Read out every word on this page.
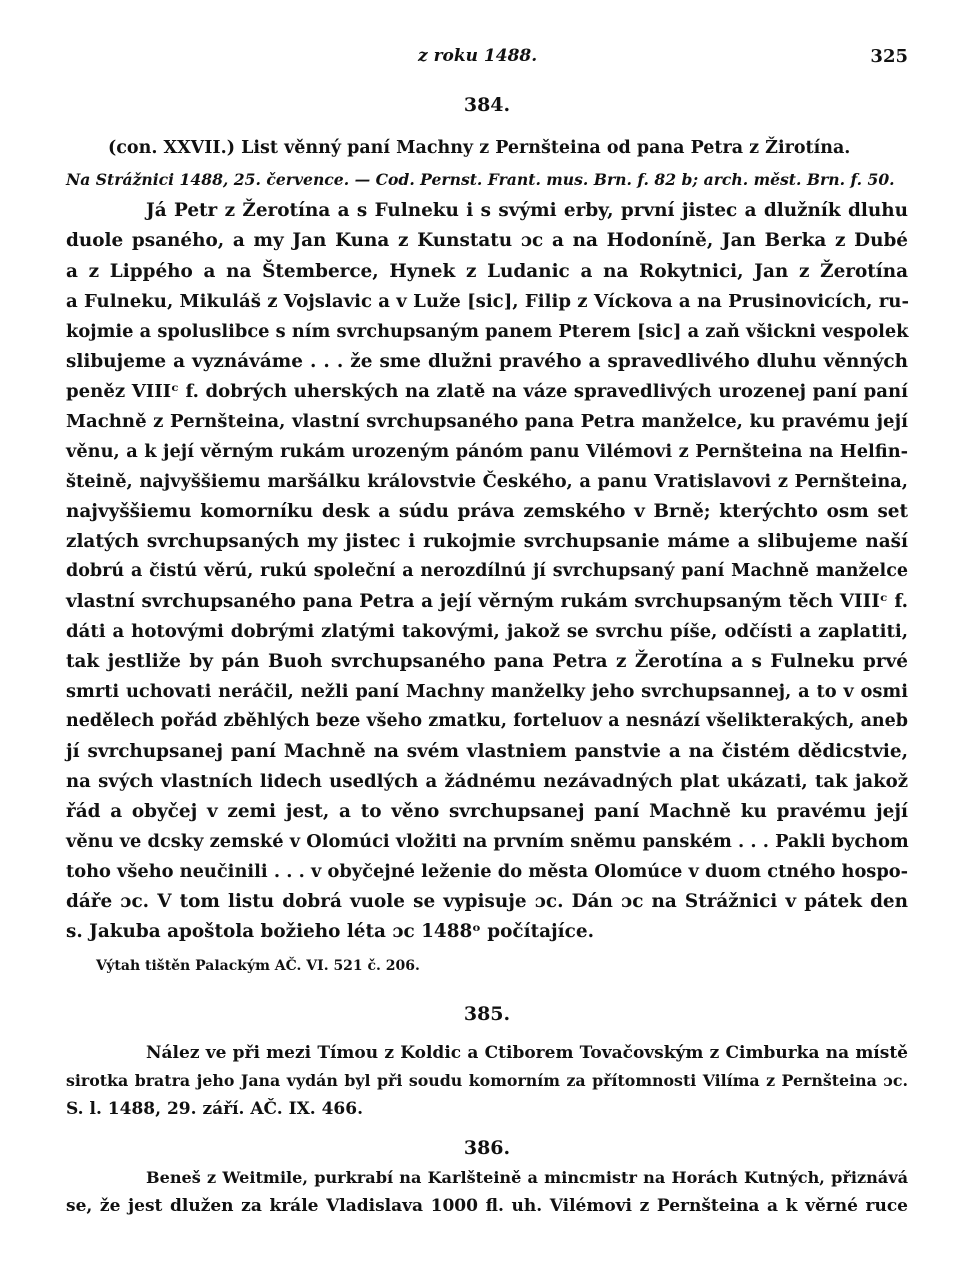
z roku 1488.	325
384.
(con. XXVII.) List věnný paní Machny z Pernšteina od pana Petra z Žirotína.
Na Strážnici 1488, 25. července. — Cod. Pernst. Frant. mus. Brn. f. 82 b; arch. měst. Brn. f. 50.
Já Petr z Žerotína a s Fulneku i s svými erby, první jistec a dlužník dluhu
duole psaného, a my Jan Kuna z Kunstatu ɔc a na Hodoníně, Jan Berka z Dubé
a z Lippého a na Štemberce, Hynek z Ludanic a na Rokytnici, Jan z Žerotína
a Fulneku, Mikuláš z Vojslavic a v Luže [sic], Filip z Víckova a na Prusinovicích, ru-
kojmie a spoluslibce s ním svrchupsaným panem Pterem [sic] a zaň všickni vespolek
slibujeme a vyznáváme . . . že sme dlužni pravého a spravedlivého dluhu věnných
peněz VIIIᶜ f. dobrých uherských na zlatě na váze spravedlivých urozenej paní paní
Machně z Pernšteina, vlastní svrchupsaného pana Petra manželce, ku pravému její
věnu, a k její věrným rukám urozeným pánóm panu Vilémovi z Pernšteina na Helfin-
šteině, najvyššiemu maršálku královstvie Českého, a panu Vratislavovi z Pernšteina,
najvyššiemu komorníku desk a súdu práva zemského v Brně; kterýchto osm set
zlatých svrchupsaných my jistec i rukojmie svrchupsanie máme a slibujeme naší
dobrú a čistú věrú, rukú společní a nerozdílnú jí svrchupsaný paní Machně manželce
vlastní svrchupsaného pana Petra a její věrným rukám svrchupsaným těch VIIIᶜ f.
dáti a hotovými dobrými zlatými takovými, jakož se svrchu píše, odčísti a zaplatiti,
tak jestliže by pán Buoh svrchupsaného pana Petra z Žerotína a s Fulneku prvé
smrti uchovati neráčil, nežli paní Machny manželky jeho svrchupsannej, a to v osmi
nedělech pořád zběhlých beze všeho zmatku, forteluov a nesnází všelikterakých, aneb
jí svrchupsanej paní Machně na svém vlastniem panstvie a na čistém dědicstvie,
na svých vlastních lidech usedlých a žádnému nezávadných plat ukázati, tak jakož
řád a obyčej v zemi jest, a to věno svrchupsanej paní Machně ku pravému její
věnu ve dcsky zemské v Olomúci vložiti na prvním sněmu panském . . . Pakli bychom
toho všeho neučinili . . . v obyčejné leženie do města Olomúce v duom ctného hospo-
dáře ɔc. V tom listu dobrá vuole se vypisuje ɔc. Dán ɔc na Strážnici v pátek den
s. Jakuba apoštola božieho léta ɔc 1488ᵒ počítajíce.
Výtah tištěn Palackým AČ. VI. 521 č. 206.
385.
Nález ve při mezi Tímou z Koldic a Ctiborem Tovačovským z Cimburka na místě
sirotka bratra jeho Jana vydán byl při soudu komorním za přítomnosti Vilíma z Pernšteina ɔc.
S. l. 1488, 29. září. AČ. IX. 466.
386.
Beneš z Weitmile, purkrabí na Karlšteině a mincmistr na Horách Kutných, přiznává
se, že jest dlužen za krále Vladislava 1000 fl. uh. Vilémovi z Pernšteina a k věrné ruce
